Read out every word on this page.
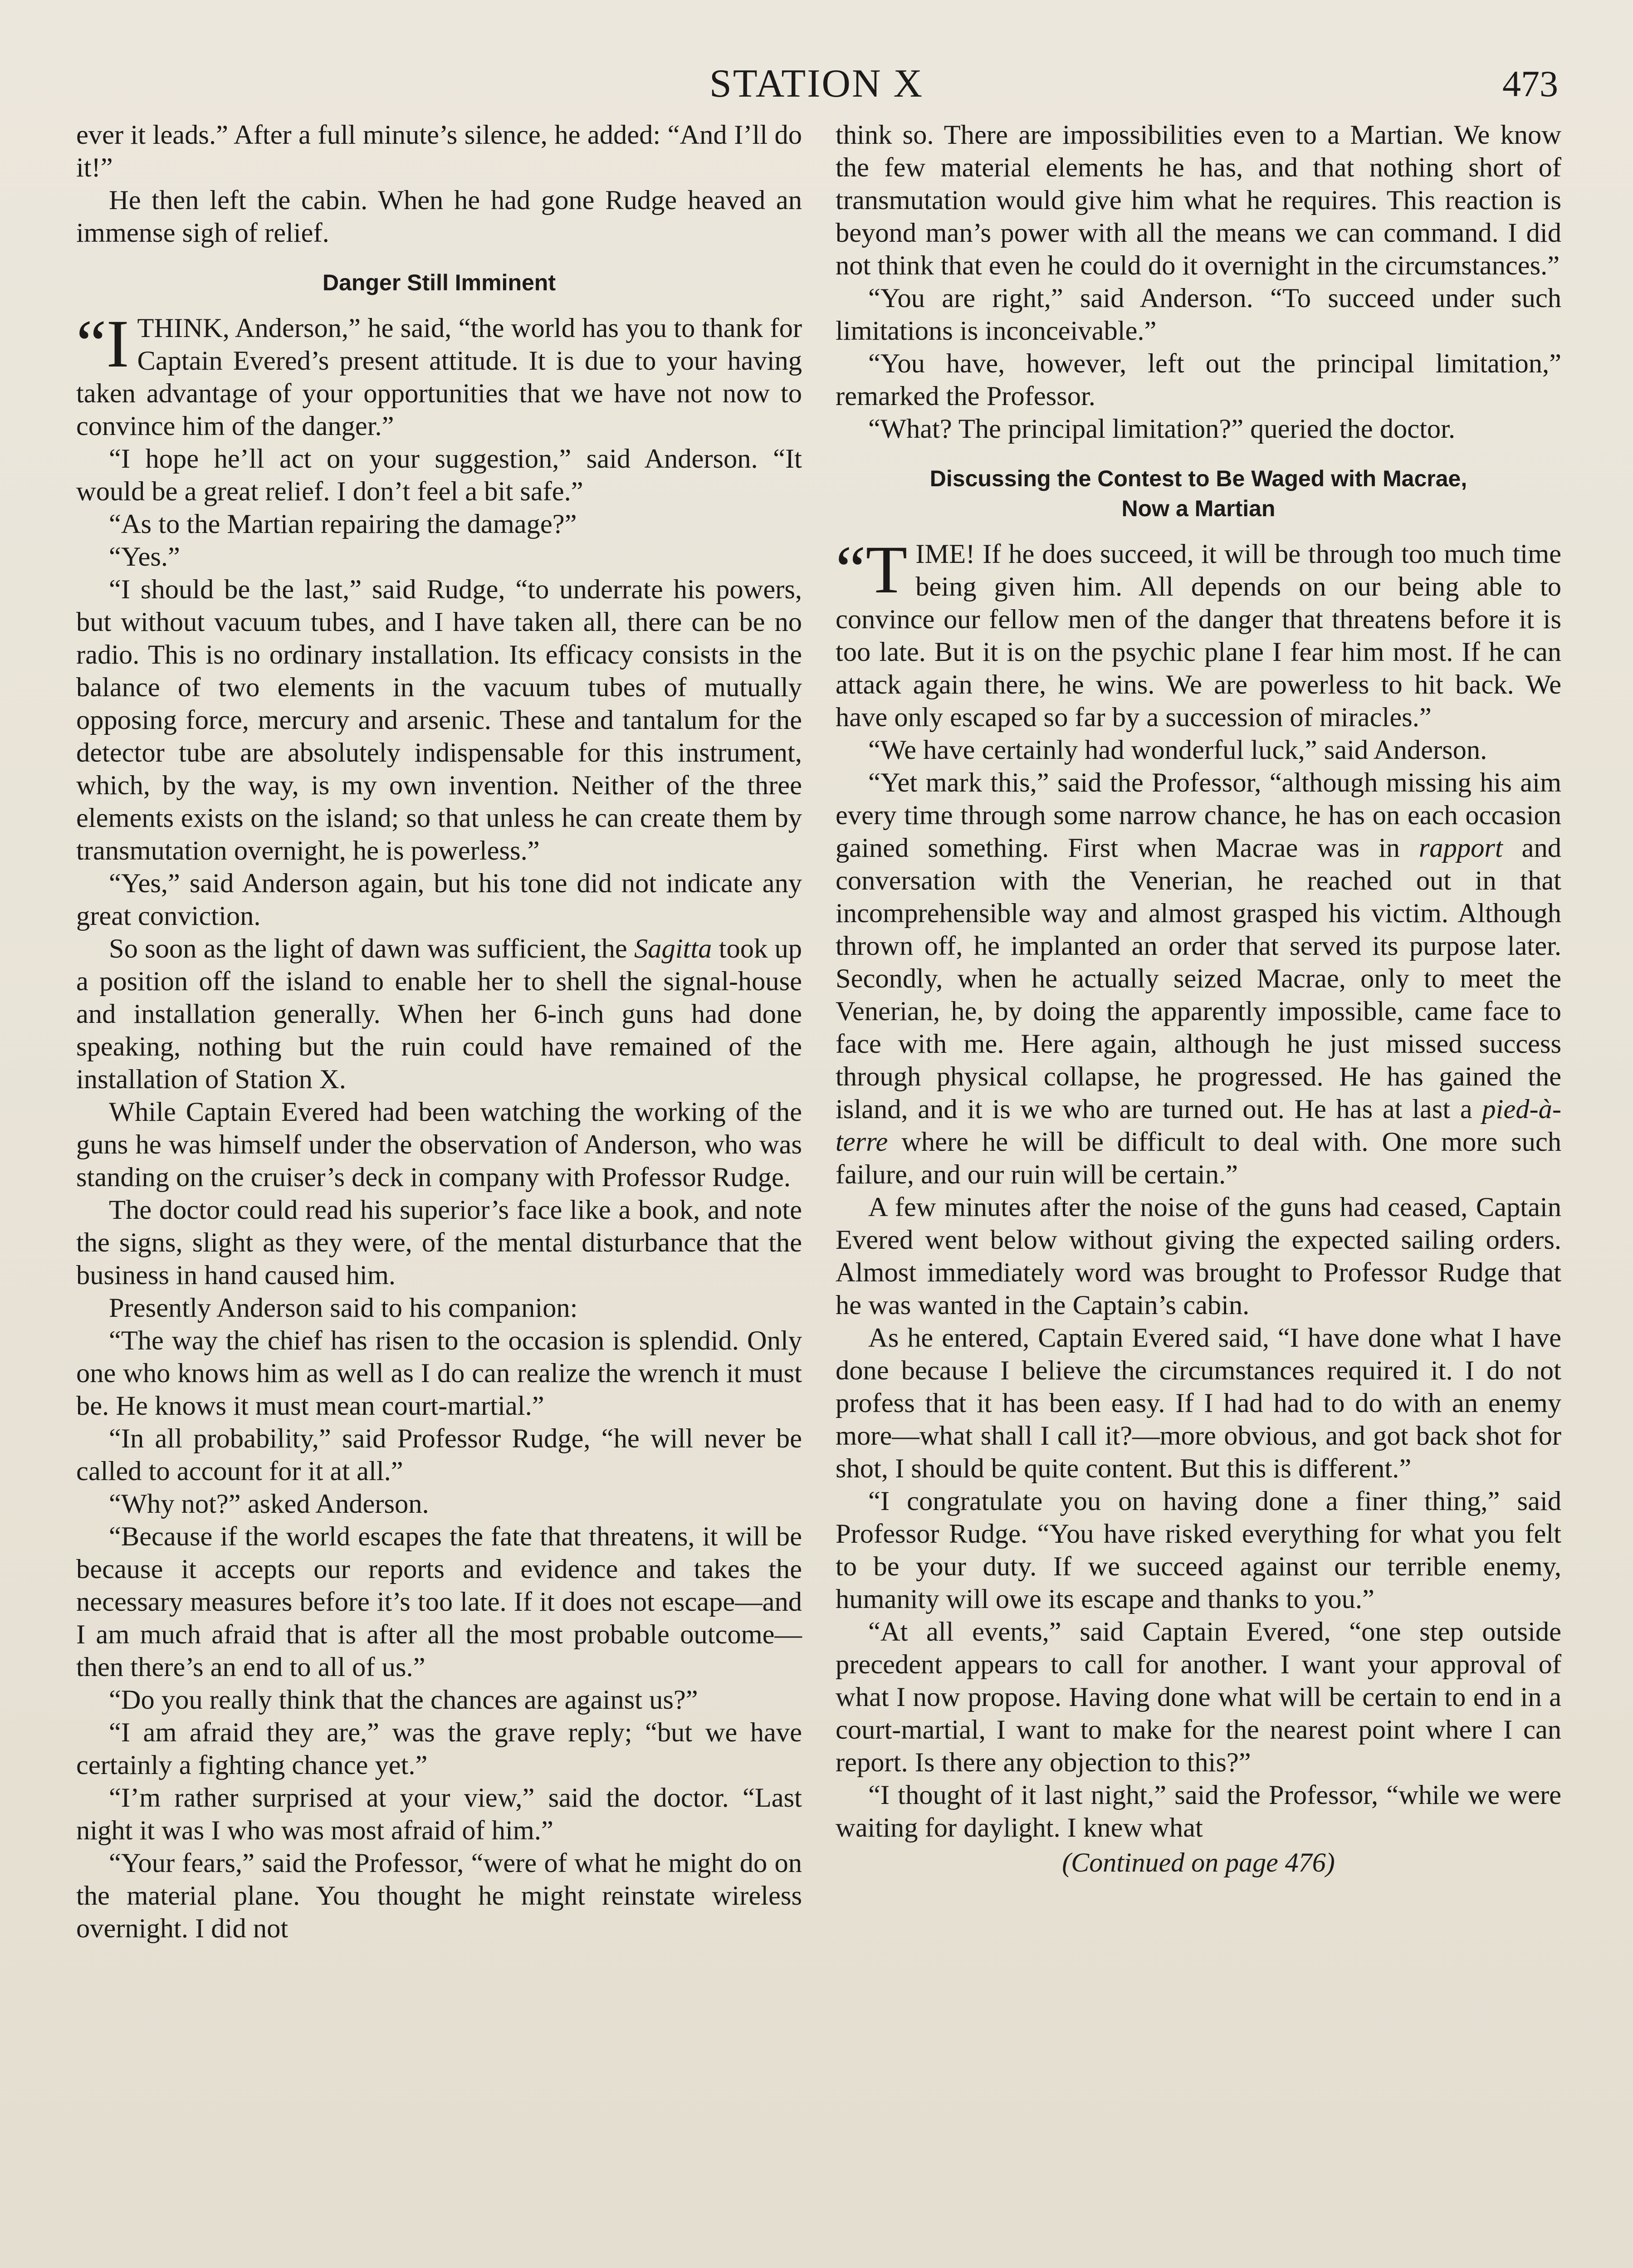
STATION X	473

ever it leads.” After a full minute’s silence, he added: “And I’ll do it!”

He then left the cabin. When he had gone Rudge heaved an immense sigh of relief.

Danger Still Imminent

“I THINK, Anderson,” he said, “the world has you to thank for Captain Evered’s present attitude. It is due to your having taken advantage of your opportunities that we have not now to convince him of the danger.”

“I hope he’ll act on your suggestion,” said Anderson. “It would be a great relief. I don’t feel a bit safe.”

“As to the Martian repairing the damage?”

“Yes.”

“I should be the last,” said Rudge, “to underrate his powers, but without vacuum tubes, and I have taken all, there can be no radio. This is no ordinary installation. Its efficacy consists in the balance of two elements in the vacuum tubes of mutually opposing force, mercury and arsenic. These and tantalum for the detector tube are absolutely indispensable for this instrument, which, by the way, is my own invention. Neither of the three elements exists on the island; so that unless he can create them by transmutation overnight, he is powerless.”

“Yes,” said Anderson again, but his tone did not indicate any great conviction.

So soon as the light of dawn was sufficient, the Sagitta took up a position off the island to enable her to shell the signal-house and installation generally. When her 6-inch guns had done speaking, nothing but the ruin could have remained of the installation of Station X.

While Captain Evered had been watching the working of the guns he was himself under the observation of Anderson, who was standing on the cruiser’s deck in company with Professor Rudge.

The doctor could read his superior’s face like a book, and note the signs, slight as they were, of the mental disturbance that the business in hand caused him.

Presently Anderson said to his companion:

“The way the chief has risen to the occasion is splendid. Only one who knows him as well as I do can realize the wrench it must be. He knows it must mean court-martial.”

“In all probability,” said Professor Rudge, “he will never be called to account for it at all.”

“Why not?” asked Anderson.

“Because if the world escapes the fate that threatens, it will be because it accepts our reports and evidence and takes the necessary measures before it’s too late. If it does not escape—and I am much afraid that is after all the most probable outcome—then there’s an end to all of us.”

“Do you really think that the chances are against us?”

“I am afraid they are,” was the grave reply; “but we have certainly a fighting chance yet.”

“I’m rather surprised at your view,” said the doctor. “Last night it was I who was most afraid of him.”

“Your fears,” said the Professor, “were of what he might do on the material plane. You thought he might reinstate wireless overnight. I did not

think so. There are impossibilities even to a Martian. We know the few material elements he has, and that nothing short of transmutation would give him what he requires. This reaction is beyond man’s power with all the means we can command. I did not think that even he could do it overnight in the circumstances.”

“You are right,” said Anderson. “To succeed under such limitations is inconceivable.”

“You have, however, left out the principal limitation,” remarked the Professor.

“What? The principal limitation?” queried the doctor.

Discussing the Contest to Be Waged with Macrae,
Now a Martian

“TIME! If he does succeed, it will be through too much time being given him. All depends on our being able to convince our fellow men of the danger that threatens before it is too late. But it is on the psychic plane I fear him most. If he can attack again there, he wins. We are powerless to hit back. We have only escaped so far by a succession of miracles.”

“We have certainly had wonderful luck,” said Anderson.

“Yet mark this,” said the Professor, “although missing his aim every time through some narrow chance, he has on each occasion gained something. First when Macrae was in rapport and conversation with the Venerian, he reached out in that incomprehensible way and almost grasped his victim. Although thrown off, he implanted an order that served its purpose later. Secondly, when he actually seized Macrae, only to meet the Venerian, he, by doing the apparently impossible, came face to face with me. Here again, although he just missed success through physical collapse, he progressed. He has gained the island, and it is we who are turned out. He has at last a pied-à-terre where he will be difficult to deal with. One more such failure, and our ruin will be certain.”

A few minutes after the noise of the guns had ceased, Captain Evered went below without giving the expected sailing orders. Almost immediately word was brought to Professor Rudge that he was wanted in the Captain’s cabin.

As he entered, Captain Evered said, “I have done what I have done because I believe the circumstances required it. I do not profess that it has been easy. If I had had to do with an enemy more—what shall I call it?—more obvious, and got back shot for shot, I should be quite content. But this is different.”

“I congratulate you on having done a finer thing,” said Professor Rudge. “You have risked everything for what you felt to be your duty. If we succeed against our terrible enemy, humanity will owe its escape and thanks to you.”

“At all events,” said Captain Evered, “one step outside precedent appears to call for another. I want your approval of what I now propose. Having done what will be certain to end in a court-martial, I want to make for the nearest point where I can report. Is there any objection to this?”

“I thought of it last night,” said the Professor, “while we were waiting for daylight. I knew what

(Continued on page 476)
